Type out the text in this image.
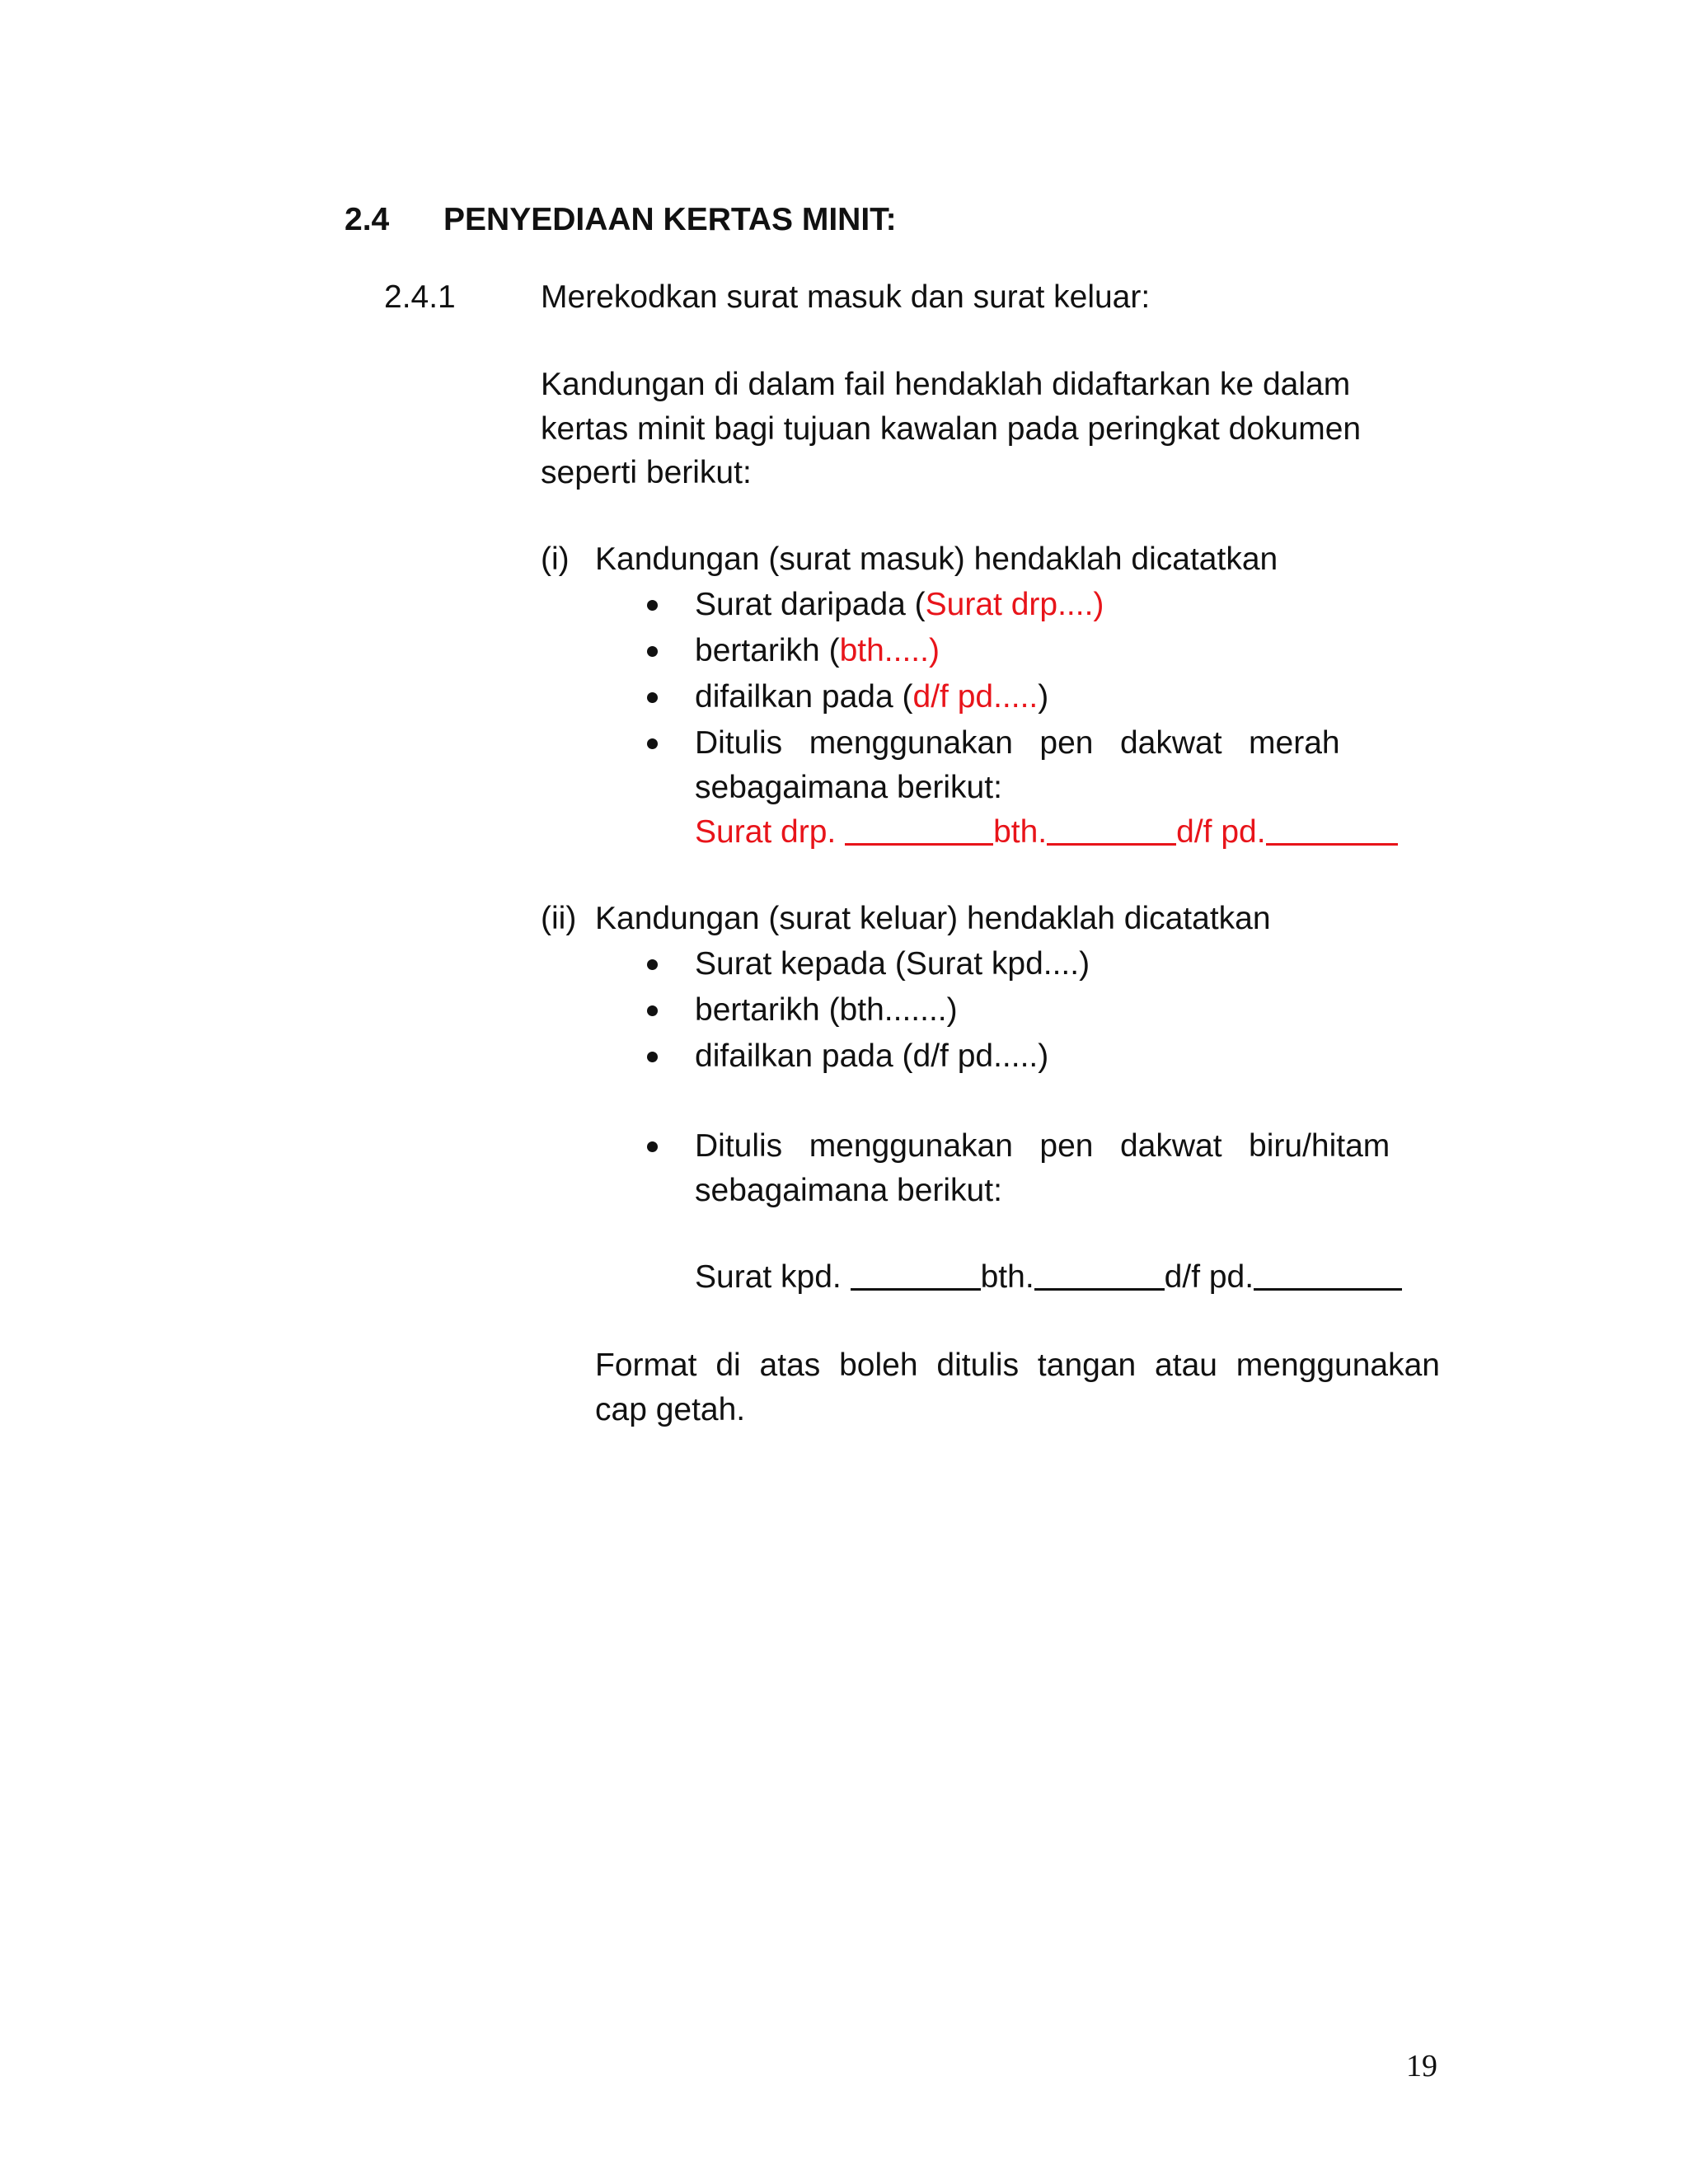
2.4 PENYEDIAAN KERTAS MINIT:
2.4.1	Merekodkan surat masuk dan surat keluar:
Kandungan di dalam fail hendaklah didaftarkan ke dalam
kertas minit bagi tujuan kawalan pada peringkat dokumen
seperti berikut:
(i) Kandungan (surat masuk) hendaklah dicatatkan
Surat daripada (Surat drp....)
bertarikh (bth.....)
difailkan pada (d/f pd.....)
Ditulis   menggunakan   pen   dakwat   merah
sebagaimana berikut:
Surat drp.	bth.	d/f pd.
(ii) Kandungan (surat keluar) hendaklah dicatatkan
Surat kepada (Surat kpd....)
bertarikh (bth.......)
difailkan pada (d/f pd.....)
Ditulis   menggunakan   pen   dakwat   biru/hitam
sebagaimana berikut:
Surat kpd.	bth.	d/f pd.
Format di atas boleh ditulis tangan atau menggunakan
cap getah.
19
